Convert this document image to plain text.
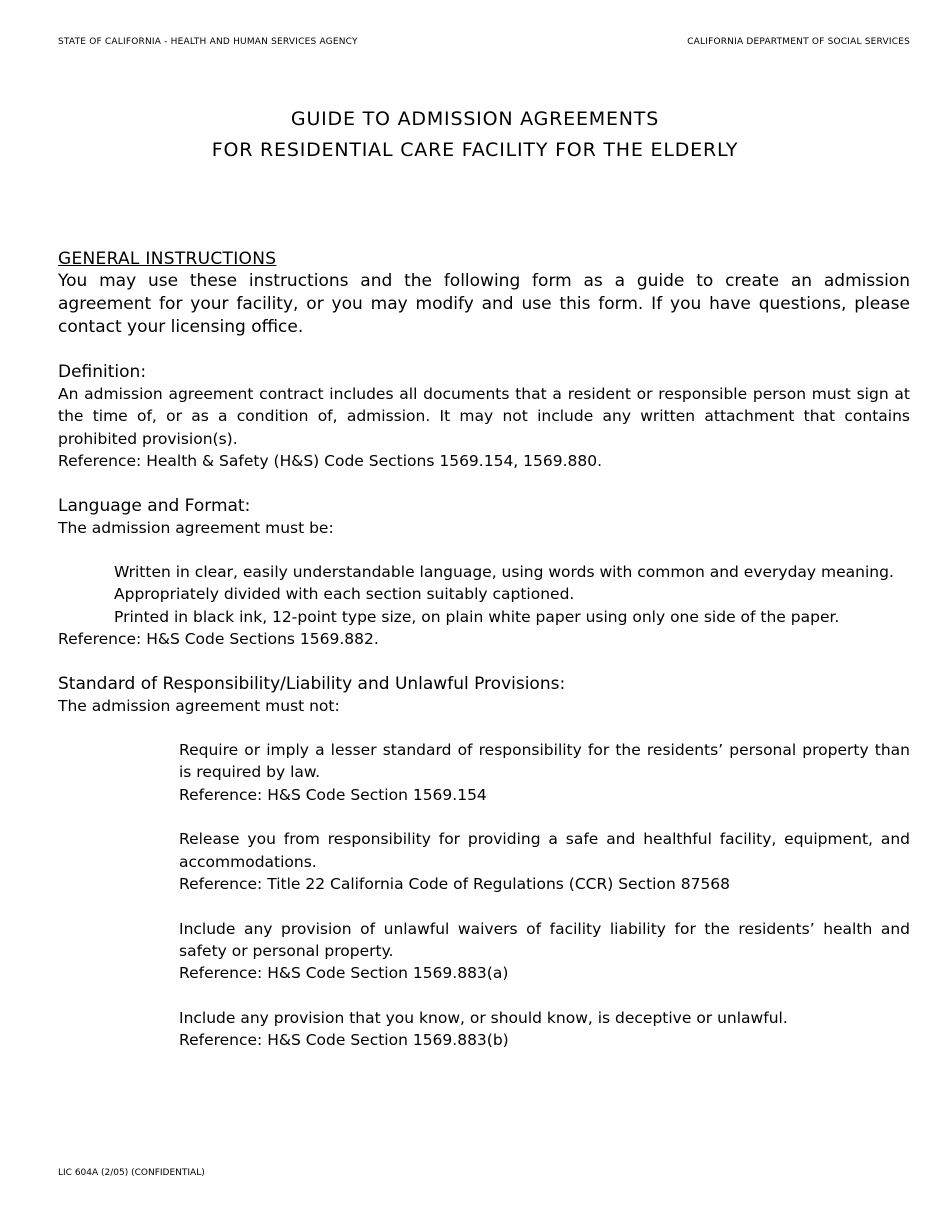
STATE OF CALIFORNIA - HEALTH AND HUMAN SERVICES AGENCY	CALIFORNIA DEPARTMENT OF SOCIAL SERVICES
GUIDE TO ADMISSION AGREEMENTS
FOR RESIDENTIAL CARE FACILITY FOR THE ELDERLY
GENERAL INSTRUCTIONS
You may use these instructions and the following form as a guide to create an admission agreement for your facility, or you may modify and use this form. If you have questions, please contact your licensing office.
Definition:
An admission agreement contract includes all documents that a resident or responsible person must sign at the time of, or as a condition of, admission. It may not include any written attachment that contains prohibited provision(s).
Reference: Health & Safety (H&S) Code Sections 1569.154, 1569.880.
Language and Format:
The admission agreement must be:
Written in clear, easily understandable language, using words with common and everyday meaning.
Appropriately divided with each section suitably captioned.
Printed in black ink, 12-point type size, on plain white paper using only one side of the paper.
Reference: H&S Code Sections 1569.882.
Standard of Responsibility/Liability and Unlawful Provisions:
The admission agreement must not:
Require or imply a lesser standard of responsibility for the residents’ personal property than is required by law.
Reference: H&S Code Section 1569.154
Release you from responsibility for providing a safe and healthful facility, equipment, and accommodations.
Reference: Title 22 California Code of Regulations (CCR) Section 87568
Include any provision of unlawful waivers of facility liability for the residents’ health and safety or personal property.
Reference: H&S Code Section 1569.883(a)
Include any provision that you know, or should know, is deceptive or unlawful.
Reference: H&S Code Section 1569.883(b)
LIC 604A (2/05) (CONFIDENTIAL)
